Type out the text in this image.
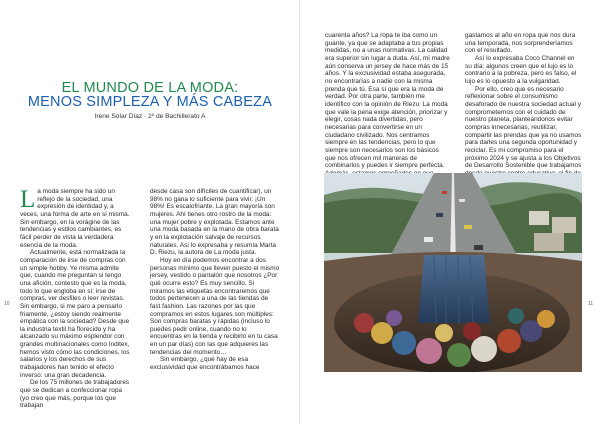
EL MUNDO DE LA MODA:
MENOS SIMPLEZA Y MÁS CABEZA
Irene Solar Díaz · 2º de Bachillerato A

La moda siempre ha sido un reflejo de la sociedad, una expresión de identidad y, a veces, una forma de arte en sí misma. Sin embargo, en la vorágine de las tendencias y estilos cambiantes, es fácil perder de vista la verdadera esencia de la moda.

Actualmente, está normalizada la comparación de irse de compras con un simple hobby. Ye misma admite que, cuando me preguntan si tengo una afición, contesto que es la moda, todo lo que engloba en sí: irse de compras, ver desfiles o leer revistas. Sin embargo, si me paro a pensarlo friamente, ¿estoy siendo realmente empática con la sociedad? Desde que la industria textil ha florecido y ha alcanzado su máximo esplendor con grandes multinacionales como Inditex, hemos visto cómo las condiciones, los salarios y los derechos de sus trabajadores han tenido el efecto inverso: una gran decadencia.

De los 75 millones de trabajadores que se dedican a confeccionar ropa (yo creo que más, porque los que trabajan

desde casa son difíciles de cuantificar), un 98% no gana lo suficiente para vivir. ¡Un 98%! Es escalofriante. La gran mayoría son mujeres. Ahí tienes otro rostro de la moda: una mujer pobre y explotada. Estamos ante una moda basada en la mano de obra barata y en la explotación salvaje de recursos naturales. Así lo expresaba y resumía Marta D. Riezu, la autora de La moda justa.

Hoy en día podemos encontrar a dos personas mínimo que lleven puesto el mismo jersey, vestido o pantalón que nosotros ¿Por qué ocurre esto? Es muy sencillo. Si miramos las etiquetas encontraremos que todos pertenecen a una de las tiendas de fast fashion. Las razones por las que compramos en estos lugares son múltiples: Son compras baratas y rápidas (incluso lo puedes pedir online, cuando no lo encuentras en la tienda y recibirlo en tu casa en un par días) con las que adquieres las tendencias del momento…

Sin embargo, ¿qué hay de esa exclusividad que encontrábamos hace

10

cuarenta años? La ropa te iba como un guante, ya que se adaptaba a tus propias medidas, no a unas normativas. La calidad era superior sin lugar a duda. Así, mi madre aún conserva un jersey de hace más de 15 años. Y la exclusividad estaba asegurada, no encontrarías a nadie con la misma prenda que tú. Esa sí que era la moda de verdad. Por otra parte, también me identifico con la opinión de Riezu: La moda que vale la pena exige atención, priorizar y elegir, cosas nada divertidas, pero necesarias para convertirse en un ciudadano civilizado. Nos centramos siempre en las tendencias, pero lo que siempre son necesarios son los básicos que nos ofrecen mil maneras de combinarlos y puedes ir siempre perfecta.

gastamos al año en ropa que nos dura una temporada, nos sorprenderíamos con el resultado.

Así lo expresaba Coco Channel en su día: algunos creen que el lujo es lo contrario a la pobreza, pero es falso, el lujo es lo opuesto a la vulgaridad.

Por ello, creo que es necesario reflexionar sobre el consumismo desaforado de nuestra sociedad actual y comprometernos con el cuidado de nuestro planeta, planteándonos evitar compras innecesarias, reutilizar, compartir las prendas que ya no usamos para darles una segunda oportunidad y reciclar. Es mi compromiso para el próximo 2024 y se ajusta a los Objetivos de Desarrollo Sostenible que trabajamos

11
